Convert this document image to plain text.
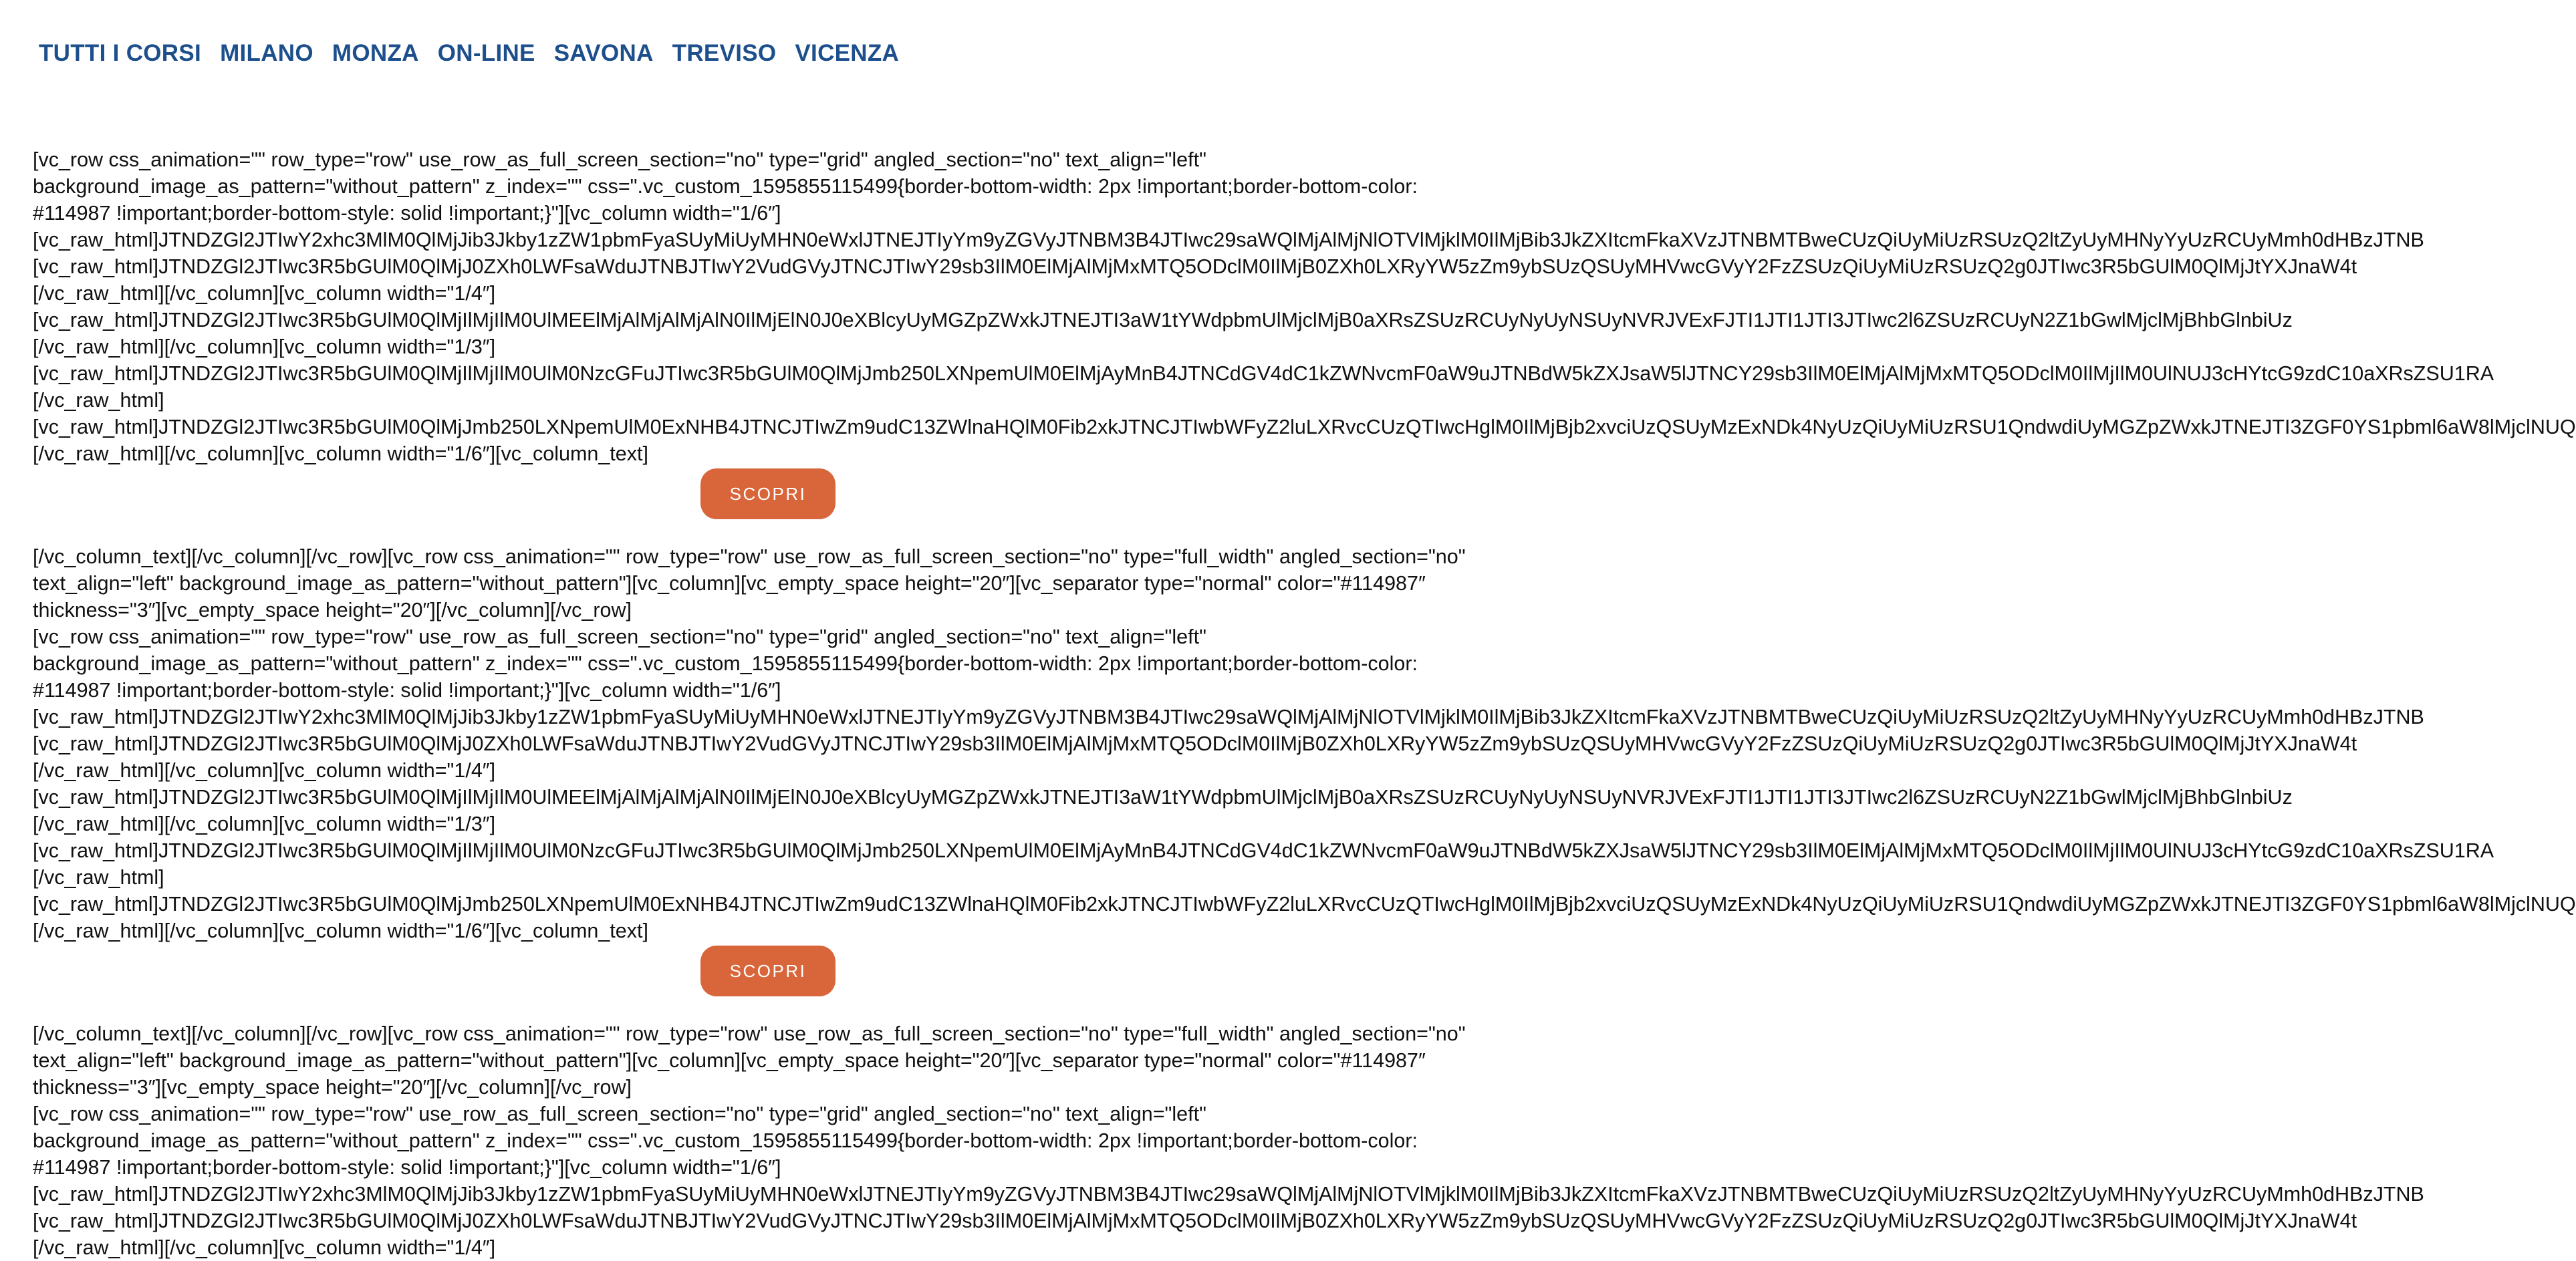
TUTTI I CORSI MILANO MONZA ON-LINE SAVONA TREVISO VICENZA
[vc_row css_animation="" row_type="row" use_row_as_full_screen_section="no" type="grid" angled_section="no" text_align="left"
background_image_as_pattern="without_pattern" z_index="" css=".vc_custom_1595855115499{border-bottom-width: 2px !important;border-bottom-color:
#114987 !important;border-bottom-style: solid !important;}"][vc_column width="1/6″]
[vc_raw_html]JTNDZGl2JTIwY2xhc3MlM0QlMjJib3Jkby1zZW1pbmFyaSUyMiUyMHN0eWxlJTNEJTIyYm9yZGVyJTNBM3B4JTIwc29saWQlMjAlMjNlOTVlMjklM0IlMjBib3JkZXItcmFkaXVzJTNBMTBweCUzQiUyMiUzRSUzQ2ltZyUyMHNyYyUzRCUyMmh0dHBzJTNB
[vc_raw_html]JTNDZGl2JTIwc3R5bGUlM0QlMjJ0ZXh0LWFsaWduJTNBJTIwY2VudGVyJTNCJTIwY29sb3IlM0ElMjAlMjMxMTQ5ODclM0IlMjB0ZXh0LXRyYW5zZm9ybSUzQSUyMHVwcGVyY2FzZSUzQiUyMiUzRSUzQ2g0JTIwc3R5bGUlM0QlMjJtYXJnaW4t
[/vc_raw_html][/vc_column][vc_column width="1/4″]
[vc_raw_html]JTNDZGl2JTIwc3R5bGUlM0QlMjIlMjIlM0UlMEElMjAlMjAlMjAlN0IlMjElN0J0eXBlcyUyMGZpZWxkJTNEJTI3aW1tYWdpbmUlMjclMjB0aXRsZSUzRCUyNyUyNSUyNVRJVExFJTI1JTI1JTI3JTIwc2l6ZSUzRCUyN2Z1bGwlMjclMjBhbGlnbiUz
[/vc_raw_html][/vc_column][vc_column width="1/3″]
[vc_raw_html]JTNDZGl2JTIwc3R5bGUlM0QlMjIlMjIlM0UlM0NzcGFuJTIwc3R5bGUlM0QlMjJmb250LXNpemUlM0ElMjAyMnB4JTNCdGV4dC1kZWNvcmF0aW9uJTNBdW5kZXJsaW5lJTNCY29sb3IlM0ElMjAlMjMxMTQ5ODclM0IlMjIlM0UlNUJ3cHYtcG9zdC10aXRsZSU1RA
[/vc_raw_html]
[vc_raw_html]JTNDZGl2JTIwc3R5bGUlM0QlMjJmb250LXNpemUlM0ExNHB4JTNCJTIwZm9udC13ZWlnaHQlM0Fib2xkJTNCJTIwbWFyZ2luLXRvcCUzQTIwcHglM0IlMjBjb2xvciUzQSUyMzExNDk4NyUzQiUyMiUzRSU1QndwdiUyMGZpZWxkJTNEJTI3ZGF0YS1pbml6aW8lMjclNUQ
[/vc_raw_html][/vc_column][vc_column width="1/6″][vc_column_text]
SCOPRI
[/vc_column_text][/vc_column][/vc_row][vc_row css_animation="" row_type="row" use_row_as_full_screen_section="no" type="full_width" angled_section="no"
text_align="left" background_image_as_pattern="without_pattern"][vc_column][vc_empty_space height="20″][vc_separator type="normal" color="#114987″
thickness="3″][vc_empty_space height="20″][/vc_column][/vc_row]
[vc_row css_animation="" row_type="row" use_row_as_full_screen_section="no" type="grid" angled_section="no" text_align="left"
background_image_as_pattern="without_pattern" z_index="" css=".vc_custom_1595855115499{border-bottom-width: 2px !important;border-bottom-color:
#114987 !important;border-bottom-style: solid !important;}"][vc_column width="1/6″]
[vc_raw_html]JTNDZGl2JTIwY2xhc3MlM0QlMjJib3Jkby1zZW1pbmFyaSUyMiUyMHN0eWxlJTNEJTIyYm9yZGVyJTNBM3B4JTIwc29saWQlMjAlMjNlOTVlMjklM0IlMjBib3JkZXItcmFkaXVzJTNBMTBweCUzQiUyMiUzRSUzQ2ltZyUyMHNyYyUzRCUyMmh0dHBzJTNB
[vc_raw_html]JTNDZGl2JTIwc3R5bGUlM0QlMjJ0ZXh0LWFsaWduJTNBJTIwY2VudGVyJTNCJTIwY29sb3IlM0ElMjAlMjMxMTQ5ODclM0IlMjB0ZXh0LXRyYW5zZm9ybSUzQSUyMHVwcGVyY2FzZSUzQiUyMiUzRSUzQ2g0JTIwc3R5bGUlM0QlMjJtYXJnaW4t
[/vc_raw_html][/vc_column][vc_column width="1/4″]
[vc_raw_html]JTNDZGl2JTIwc3R5bGUlM0QlMjIlMjIlM0UlMEElMjAlMjAlMjAlN0IlMjElN0J0eXBlcyUyMGZpZWxkJTNEJTI3aW1tYWdpbmUlMjclMjB0aXRsZSUzRCUyNyUyNSUyNVRJVExFJTI1JTI1JTI3JTIwc2l6ZSUzRCUyN2Z1bGwlMjclMjBhbGlnbiUz
[/vc_raw_html][/vc_column][vc_column width="1/3″]
[vc_raw_html]JTNDZGl2JTIwc3R5bGUlM0QlMjIlMjIlM0UlM0NzcGFuJTIwc3R5bGUlM0QlMjJmb250LXNpemUlM0ElMjAyMnB4JTNCdGV4dC1kZWNvcmF0aW9uJTNBdW5kZXJsaW5lJTNCY29sb3IlM0ElMjAlMjMxMTQ5ODclM0IlMjIlM0UlNUJ3cHYtcG9zdC10aXRsZSU1RA
[/vc_raw_html]
[vc_raw_html]JTNDZGl2JTIwc3R5bGUlM0QlMjJmb250LXNpemUlM0ExNHB4JTNCJTIwZm9udC13ZWlnaHQlM0Fib2xkJTNCJTIwbWFyZ2luLXRvcCUzQTIwcHglM0IlMjBjb2xvciUzQSUyMzExNDk4NyUzQiUyMiUzRSU1QndwdiUyMGZpZWxkJTNEJTI3ZGF0YS1pbml6aW8lMjclNUQ
[/vc_raw_html][/vc_column][vc_column width="1/6″][vc_column_text]
SCOPRI
[/vc_column_text][/vc_column][/vc_row][vc_row css_animation="" row_type="row" use_row_as_full_screen_section="no" type="full_width" angled_section="no"
text_align="left" background_image_as_pattern="without_pattern"][vc_column][vc_empty_space height="20″][vc_separator type="normal" color="#114987″
thickness="3″][vc_empty_space height="20″][/vc_column][/vc_row]
[vc_row css_animation="" row_type="row" use_row_as_full_screen_section="no" type="grid" angled_section="no" text_align="left"
background_image_as_pattern="without_pattern" z_index="" css=".vc_custom_1595855115499{border-bottom-width: 2px !important;border-bottom-color:
#114987 !important;border-bottom-style: solid !important;}"][vc_column width="1/6″]
[vc_raw_html]JTNDZGl2JTIwY2xhc3MlM0QlMjJib3Jkby1zZW1pbmFyaSUyMiUyMHN0eWxlJTNEJTIyYm9yZGVyJTNBM3B4JTIwc29saWQlMjAlMjNlOTVlMjklM0IlMjBib3JkZXItcmFkaXVzJTNBMTBweCUzQiUyMiUzRSUzQ2ltZyUyMHNyYyUzRCUyMmh0dHBzJTNB
[vc_raw_html]JTNDZGl2JTIwc3R5bGUlM0QlMjJ0ZXh0LWFsaWduJTNBJTIwY2VudGVyJTNCJTIwY29sb3IlM0ElMjAlMjMxMTQ5ODclM0IlMjB0ZXh0LXRyYW5zZm9ybSUzQSUyMHVwcGVyY2FzZSUzQiUyMiUzRSUzQ2g0JTIwc3R5bGUlM0QlMjJtYXJnaW4t
[/vc_raw_html][/vc_column][vc_column width="1/4″]
